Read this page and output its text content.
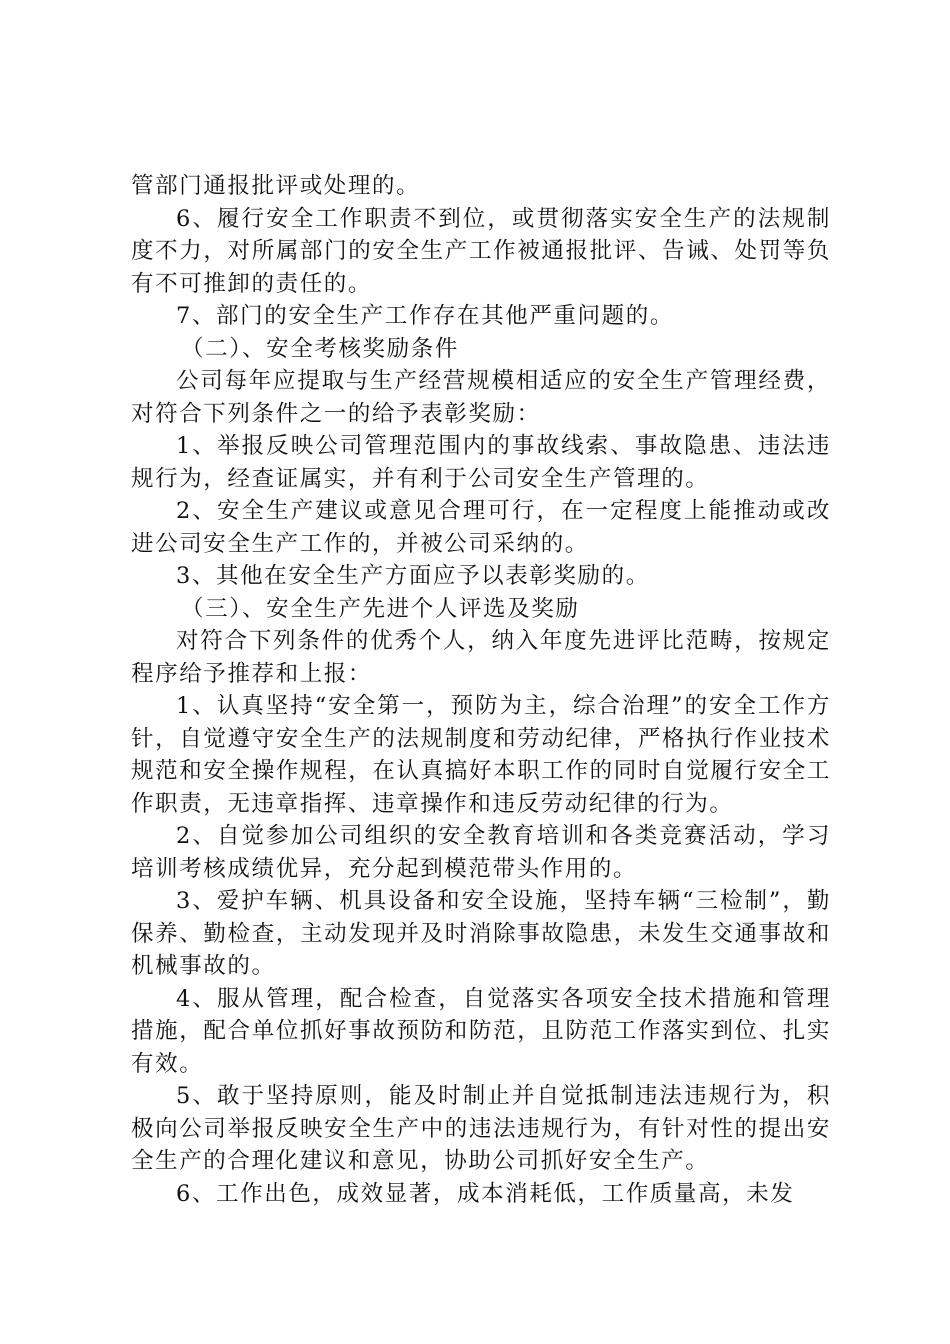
管部门通报批评或处理的。

6、履行安全工作职责不到位，或贯彻落实安全生产的法规制度不力，对所属部门的安全生产工作被通报批评、告诫、处罚等负有不可推卸的责任的。

7、部门的安全生产工作存在其他严重问题的。

（二）、安全考核奖励条件

公司每年应提取与生产经营规模相适应的安全生产管理经费，对符合下列条件之一的给予表彰奖励：

1、举报反映公司管理范围内的事故线索、事故隐患、违法违规行为，经查证属实，并有利于公司安全生产管理的。

2、安全生产建议或意见合理可行，在一定程度上能推动或改进公司安全生产工作的，并被公司采纳的。

3、其他在安全生产方面应予以表彰奖励的。

（三）、安全生产先进个人评选及奖励

对符合下列条件的优秀个人，纳入年度先进评比范畴，按规定程序给予推荐和上报：

1、认真坚持“安全第一，预防为主，综合治理”的安全工作方针，自觉遵守安全生产的法规制度和劳动纪律，严格执行作业技术规范和安全操作规程，在认真搞好本职工作的同时自觉履行安全工作职责，无违章指挥、违章操作和违反劳动纪律的行为。

2、自觉参加公司组织的安全教育培训和各类竞赛活动，学习培训考核成绩优异，充分起到模范带头作用的。

3、爱护车辆、机具设备和安全设施，坚持车辆“三检制”，勤保养、勤检查，主动发现并及时消除事故隐患，未发生交通事故和机械事故的。

4、服从管理，配合检查，自觉落实各项安全技术措施和管理措施，配合单位抓好事故预防和防范，且防范工作落实到位、扎实有效。

5、敢于坚持原则，能及时制止并自觉抵制违法违规行为，积极向公司举报反映安全生产中的违法违规行为，有针对性的提出安全生产的合理化建议和意见，协助公司抓好安全生产。

6、工作出色，成效显著，成本消耗低，工作质量高，未发
